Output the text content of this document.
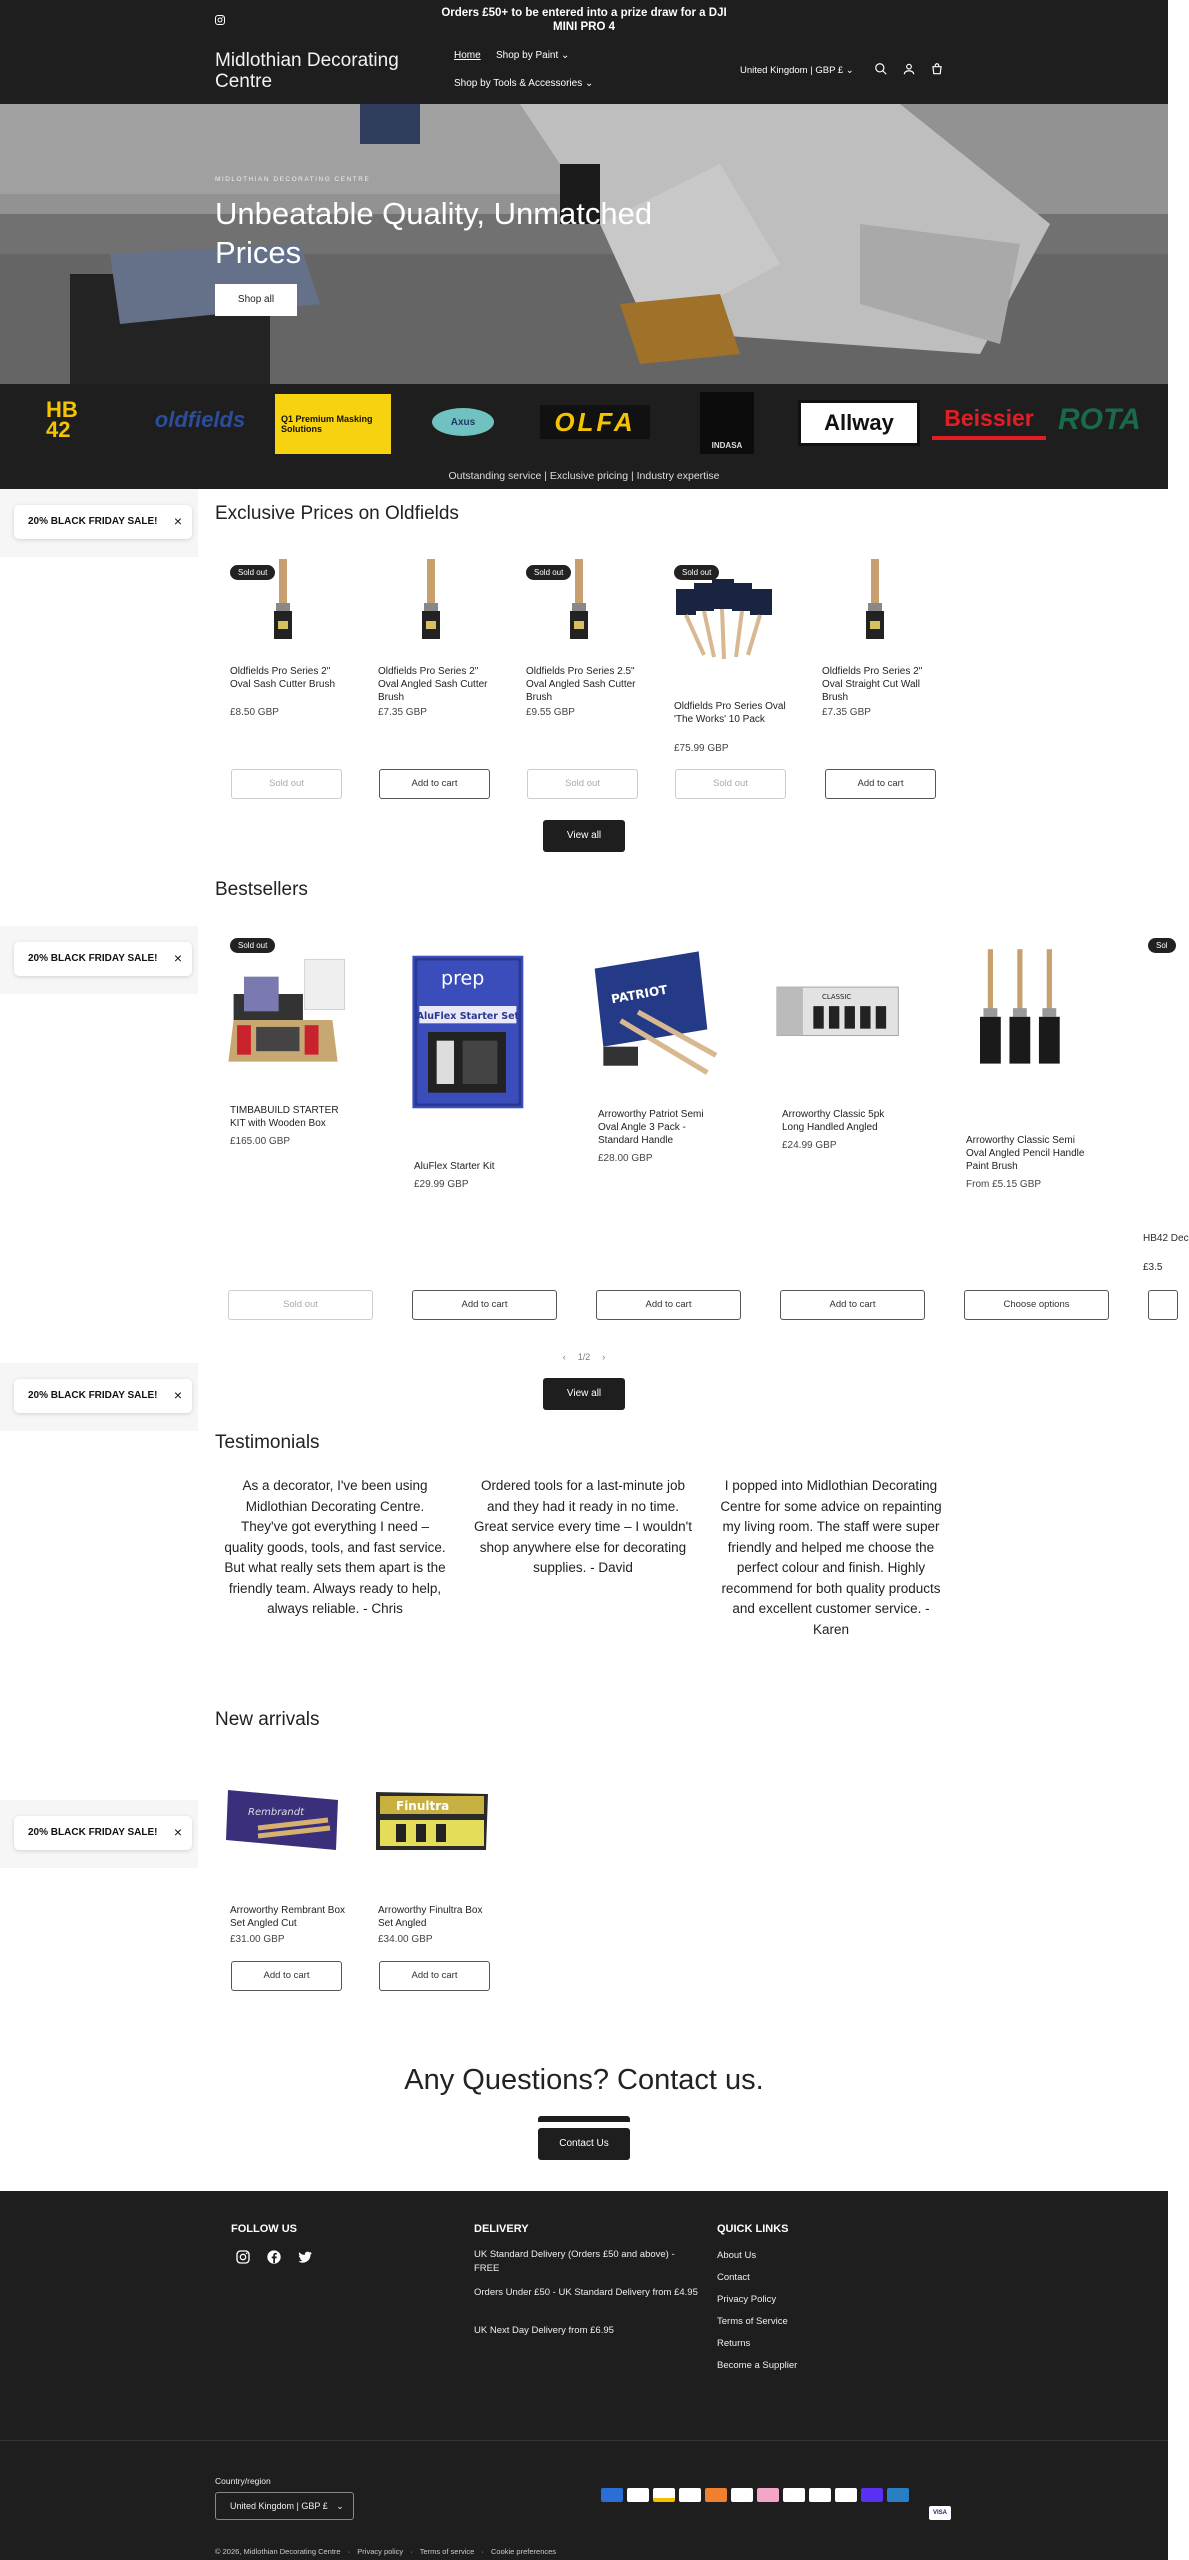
Orders £50+ to be entered into a prize draw for a DJI
MINI PRO 4
Midlothian Decorating
Centre
Home Shop by Paint ⌄
Shop by Tools & Accessories ⌄
United Kingdom | GBP £ ⌄
MIDLOTHIAN DECORATING CENTRE
Unbeatable Quality, Unmatched
Prices
Shop all
HB 42	oldfields	Q1 Premium Masking Solutions
Axus	OLFA
INDASA
Allway Beissier ROTA
Outstanding service | Exclusive pricing | Industry expertise
20% BLACK FRIDAY SALE! ×
20% BLACK FRIDAY SALE! ×
20% BLACK FRIDAY SALE! ×
20% BLACK FRIDAY SALE! ×
Exclusive Prices on Oldfields
Sold out
Oldfields Pro Series 2" Oval Sash Cutter Brush
£8.50 GBP
Sold out
Oldfields Pro Series 2" Oval Angled Sash Cutter Brush
£7.35 GBP
Add to cart
Sold out
Oldfields Pro Series 2.5" Oval Angled Sash Cutter Brush
£9.55 GBP
Sold out
Sold out
Oldfields Pro Series Oval 'The Works' 10 Pack
£75.99 GBP
Sold out
Oldfields Pro Series 2" Oval Straight Cut Wall Brush
£7.35 GBP
Add to cart
View all
Bestsellers
Sold out
TIMBABUILD STARTER KIT with Wooden Box
£165.00 GBP
Sold out
prep
AluFlex Starter Set
AluFlex Starter Kit
£29.99 GBP
Add to cart
PATRIOT
Arroworthy Patriot Semi Oval Angle 3 Pack - Standard Handle
£28.00 GBP
Add to cart
CLASSIC
Arroworthy Classic 5pk Long Handled Angled
£24.99 GBP
Add to cart
Arroworthy Classic Semi Oval Angled Pencil Handle Paint Brush
From £5.15 GBP
Choose options
Sol
HB42 Dec
£3.5
‹ 1/2 ›
View all
Testimonials
As a decorator, I've been using Midlothian Decorating Centre. They've got everything I need – quality goods, tools, and fast service. But what really sets them apart is the friendly team. Always ready to help, always reliable. - Chris
Ordered tools for a last-minute job and they had it ready in no time. Great service every time – I wouldn't shop anywhere else for decorating supplies. - David
I popped into Midlothian Decorating Centre for some advice on repainting my living room. The staff were super friendly and helped me choose the perfect colour and finish. Highly recommend for both quality products and excellent customer service. - Karen
New arrivals
Rembrandt
Arroworthy Rembrant Box Set Angled Cut
£31.00 GBP
Add to cart
Finultra
Arroworthy Finultra Box Set Angled
£34.00 GBP
Add to cart
Any Questions? Contact us.
Contact Us
FOLLOW US	DELIVERY
UK Standard Delivery (Orders £50 and above) - FREE
Orders Under £50 - UK Standard Delivery from £4.95
UK Next Day Delivery from £6.95
QUICK LINKS
About Us
Contact
Privacy Policy
Terms of Service
Returns
Become a Supplier
Country/region
United Kingdom | GBP £ ⌄
VISA
© 2026, Midlothian Decorating Centre · Privacy policy · Terms of service · Cookie preferences
